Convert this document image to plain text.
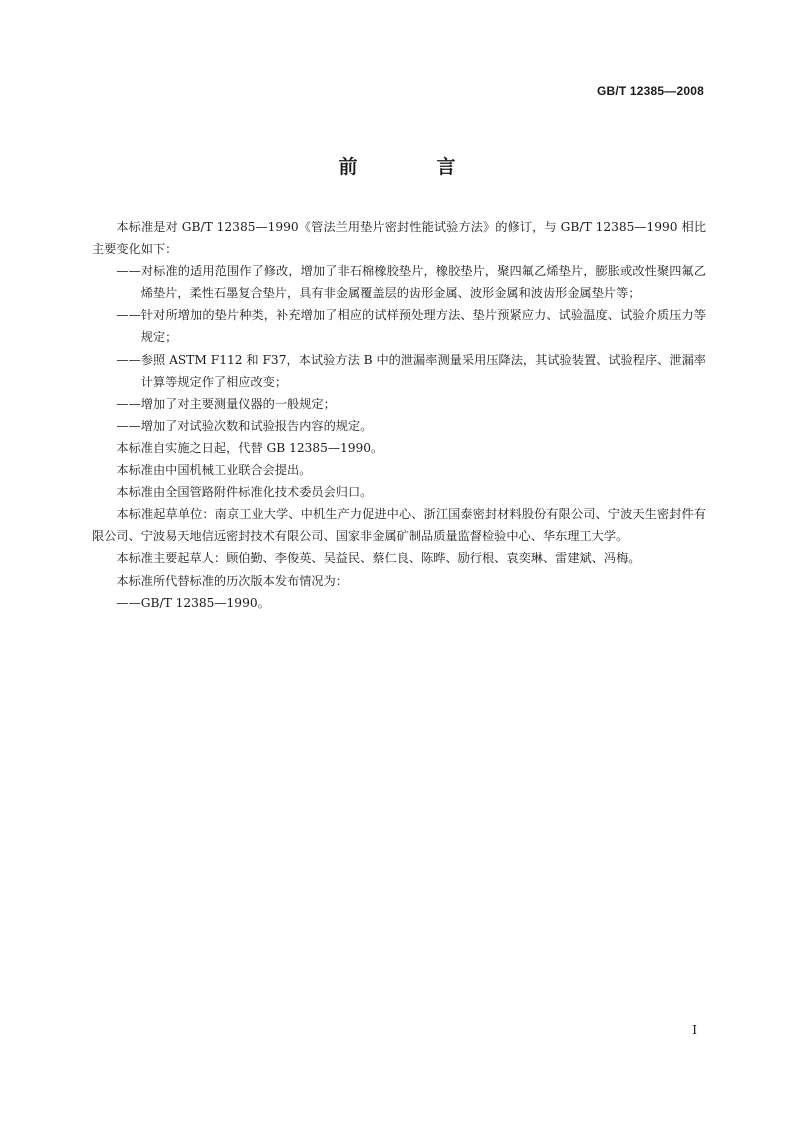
GB/T 12385—2008
前　言

本标准是对 GB/T 12385—1990《管法兰用垫片密封性能试验方法》的修订，与 GB/T 12385—1990 相比主要变化如下：

——对标准的适用范围作了修改，增加了非石棉橡胶垫片，橡胶垫片，聚四氟乙烯垫片，膨胀或改性聚四氟乙烯垫片，柔性石墨复合垫片，具有非金属覆盖层的齿形金属、波形金属和波齿形金属垫片等；

——针对所增加的垫片种类，补充增加了相应的试样预处理方法、垫片预紧应力、试验温度、试验介质压力等规定；

——参照 ASTM F112 和 F37，本试验方法 B 中的泄漏率测量采用压降法，其试验装置、试验程序、泄漏率计算等规定作了相应改变；

——增加了对主要测量仪器的一般规定；

——增加了对试验次数和试验报告内容的规定。

本标准自实施之日起，代替 GB 12385—1990。

本标准由中国机械工业联合会提出。

本标准由全国管路附件标准化技术委员会归口。

本标准起草单位：南京工业大学、中机生产力促进中心、浙江国泰密封材料股份有限公司、宁波天生密封件有限公司、宁波易天地信远密封技术有限公司、国家非金属矿制品质量监督检验中心、华东理工大学。

本标准主要起草人：顾伯勤、李俊英、吴益民、蔡仁良、陈晔、励行根、袁奕琳、雷建斌、冯梅。

本标准所代替标准的历次版本发布情况为：

——GB/T 12385—1990。

I
